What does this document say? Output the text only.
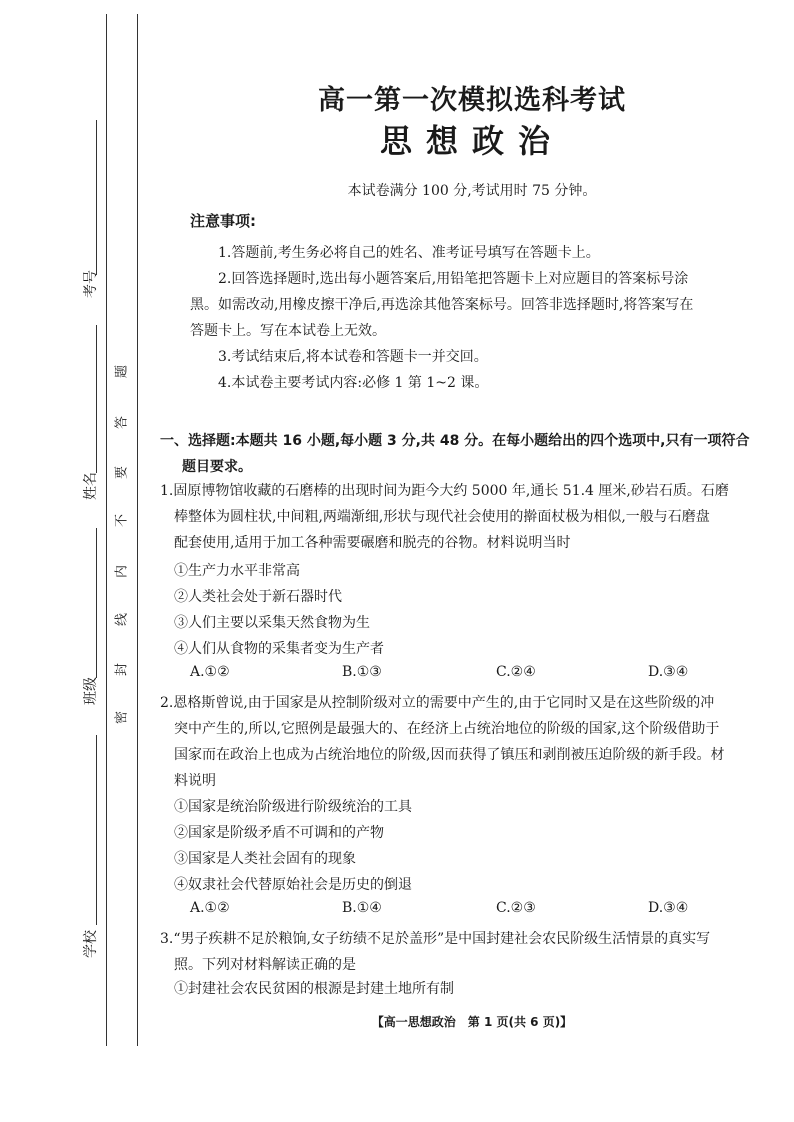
考号
姓名
班级
学校
题
答
要
不
内
线
封
密
高一第一次模拟选科考试
思想政治
本试卷满分 100 分,考试用时 75 分钟。
注意事项:
1.答题前,考生务必将自己的姓名、准考证号填写在答题卡上。
2.回答选择题时,选出每小题答案后,用铅笔把答题卡上对应题目的答案标号涂
黑。如需改动,用橡皮擦干净后,再选涂其他答案标号。回答非选择题时,将答案写在
答题卡上。写在本试卷上无效。
3.考试结束后,将本试卷和答题卡一并交回。
4.本试卷主要考试内容:必修 1 第 1~2 课。
一、选择题:本题共 16 小题,每小题 3 分,共 48 分。在每小题给出的四个选项中,只有一项符合
题目要求。

1.固原博物馆收藏的石磨棒的出现时间为距今大约 5000 年,通长 51.4 厘米,砂岩石质。石磨

棒整体为圆柱状,中间粗,两端渐细,形状与现代社会使用的擀面杖极为相似,一般与石磨盘

配套使用,适用于加工各种需要碾磨和脱壳的谷物。材料说明当时

①生产力水平非常高
②人类社会处于新石器时代
③人们主要以采集天然食物为生
④人们从食物的采集者变为生产者
A.①②	B.①③	C.②④	D.③④

2.恩格斯曾说,由于国家是从控制阶级对立的需要中产生的,由于它同时又是在这些阶级的冲

突中产生的,所以,它照例是最强大的、在经济上占统治地位的阶级的国家,这个阶级借助于

国家而在政治上也成为占统治地位的阶级,因而获得了镇压和剥削被压迫阶级的新手段。材

料说明

①国家是统治阶级进行阶级统治的工具
②国家是阶级矛盾不可调和的产物
③国家是人类社会固有的现象
④奴隶社会代替原始社会是历史的倒退
A.①②	B.①④	C.②③	D.③④

3.“男子疾耕不足於粮饷,女子纺绩不足於盖形”是中国封建社会农民阶级生活情景的真实写

照。下列对材料解读正确的是

①封建社会农民贫困的根源是封建土地所有制
【高一思想政治　第 1 页(共 6 页)】
